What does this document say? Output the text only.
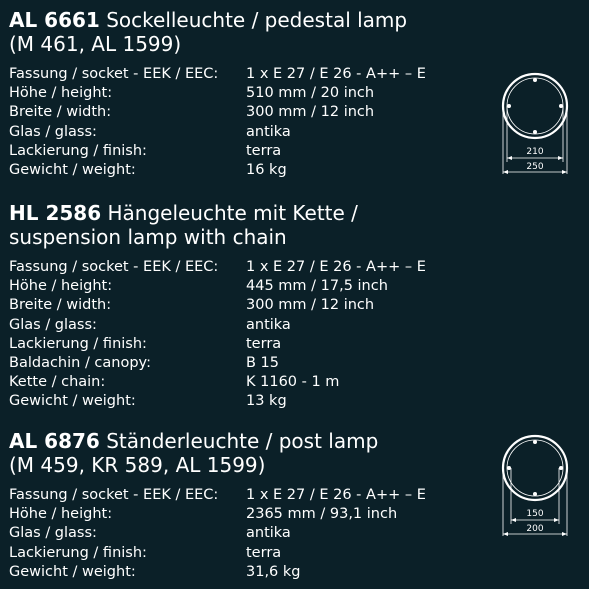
AL 6661 Sockelleuchte / pedestal lamp
(M 461, AL 1599)
Fassung / socket - EEK / EEC:	1 x E 27 / E 26 - A++ – E
Höhe / height:	510 mm / 20 inch
Breite / width:	300 mm / 12 inch
Glas / glass:	antika
Lackierung / finish:	terra
Gewicht / weight:	16 kg
210
250
HL 2586 Hängeleuchte mit Kette /
suspension lamp with chain
Fassung / socket - EEK / EEC:	1 x E 27 / E 26 - A++ – E
Höhe / height:	445 mm / 17,5 inch
Breite / width:	300 mm / 12 inch
Glas / glass:	antika
Lackierung / finish:	terra
Baldachin / canopy:	B 15
Kette / chain:	K 1160 - 1 m
Gewicht / weight:	13 kg
AL 6876 Ständerleuchte / post lamp
(M 459, KR 589, AL 1599)
Fassung / socket - EEK / EEC:	1 x E 27 / E 26 - A++ – E
Höhe / height:	2365 mm / 93,1 inch
Glas / glass:	antika
Lackierung / finish:	terra
Gewicht / weight:	31,6 kg
150
200
